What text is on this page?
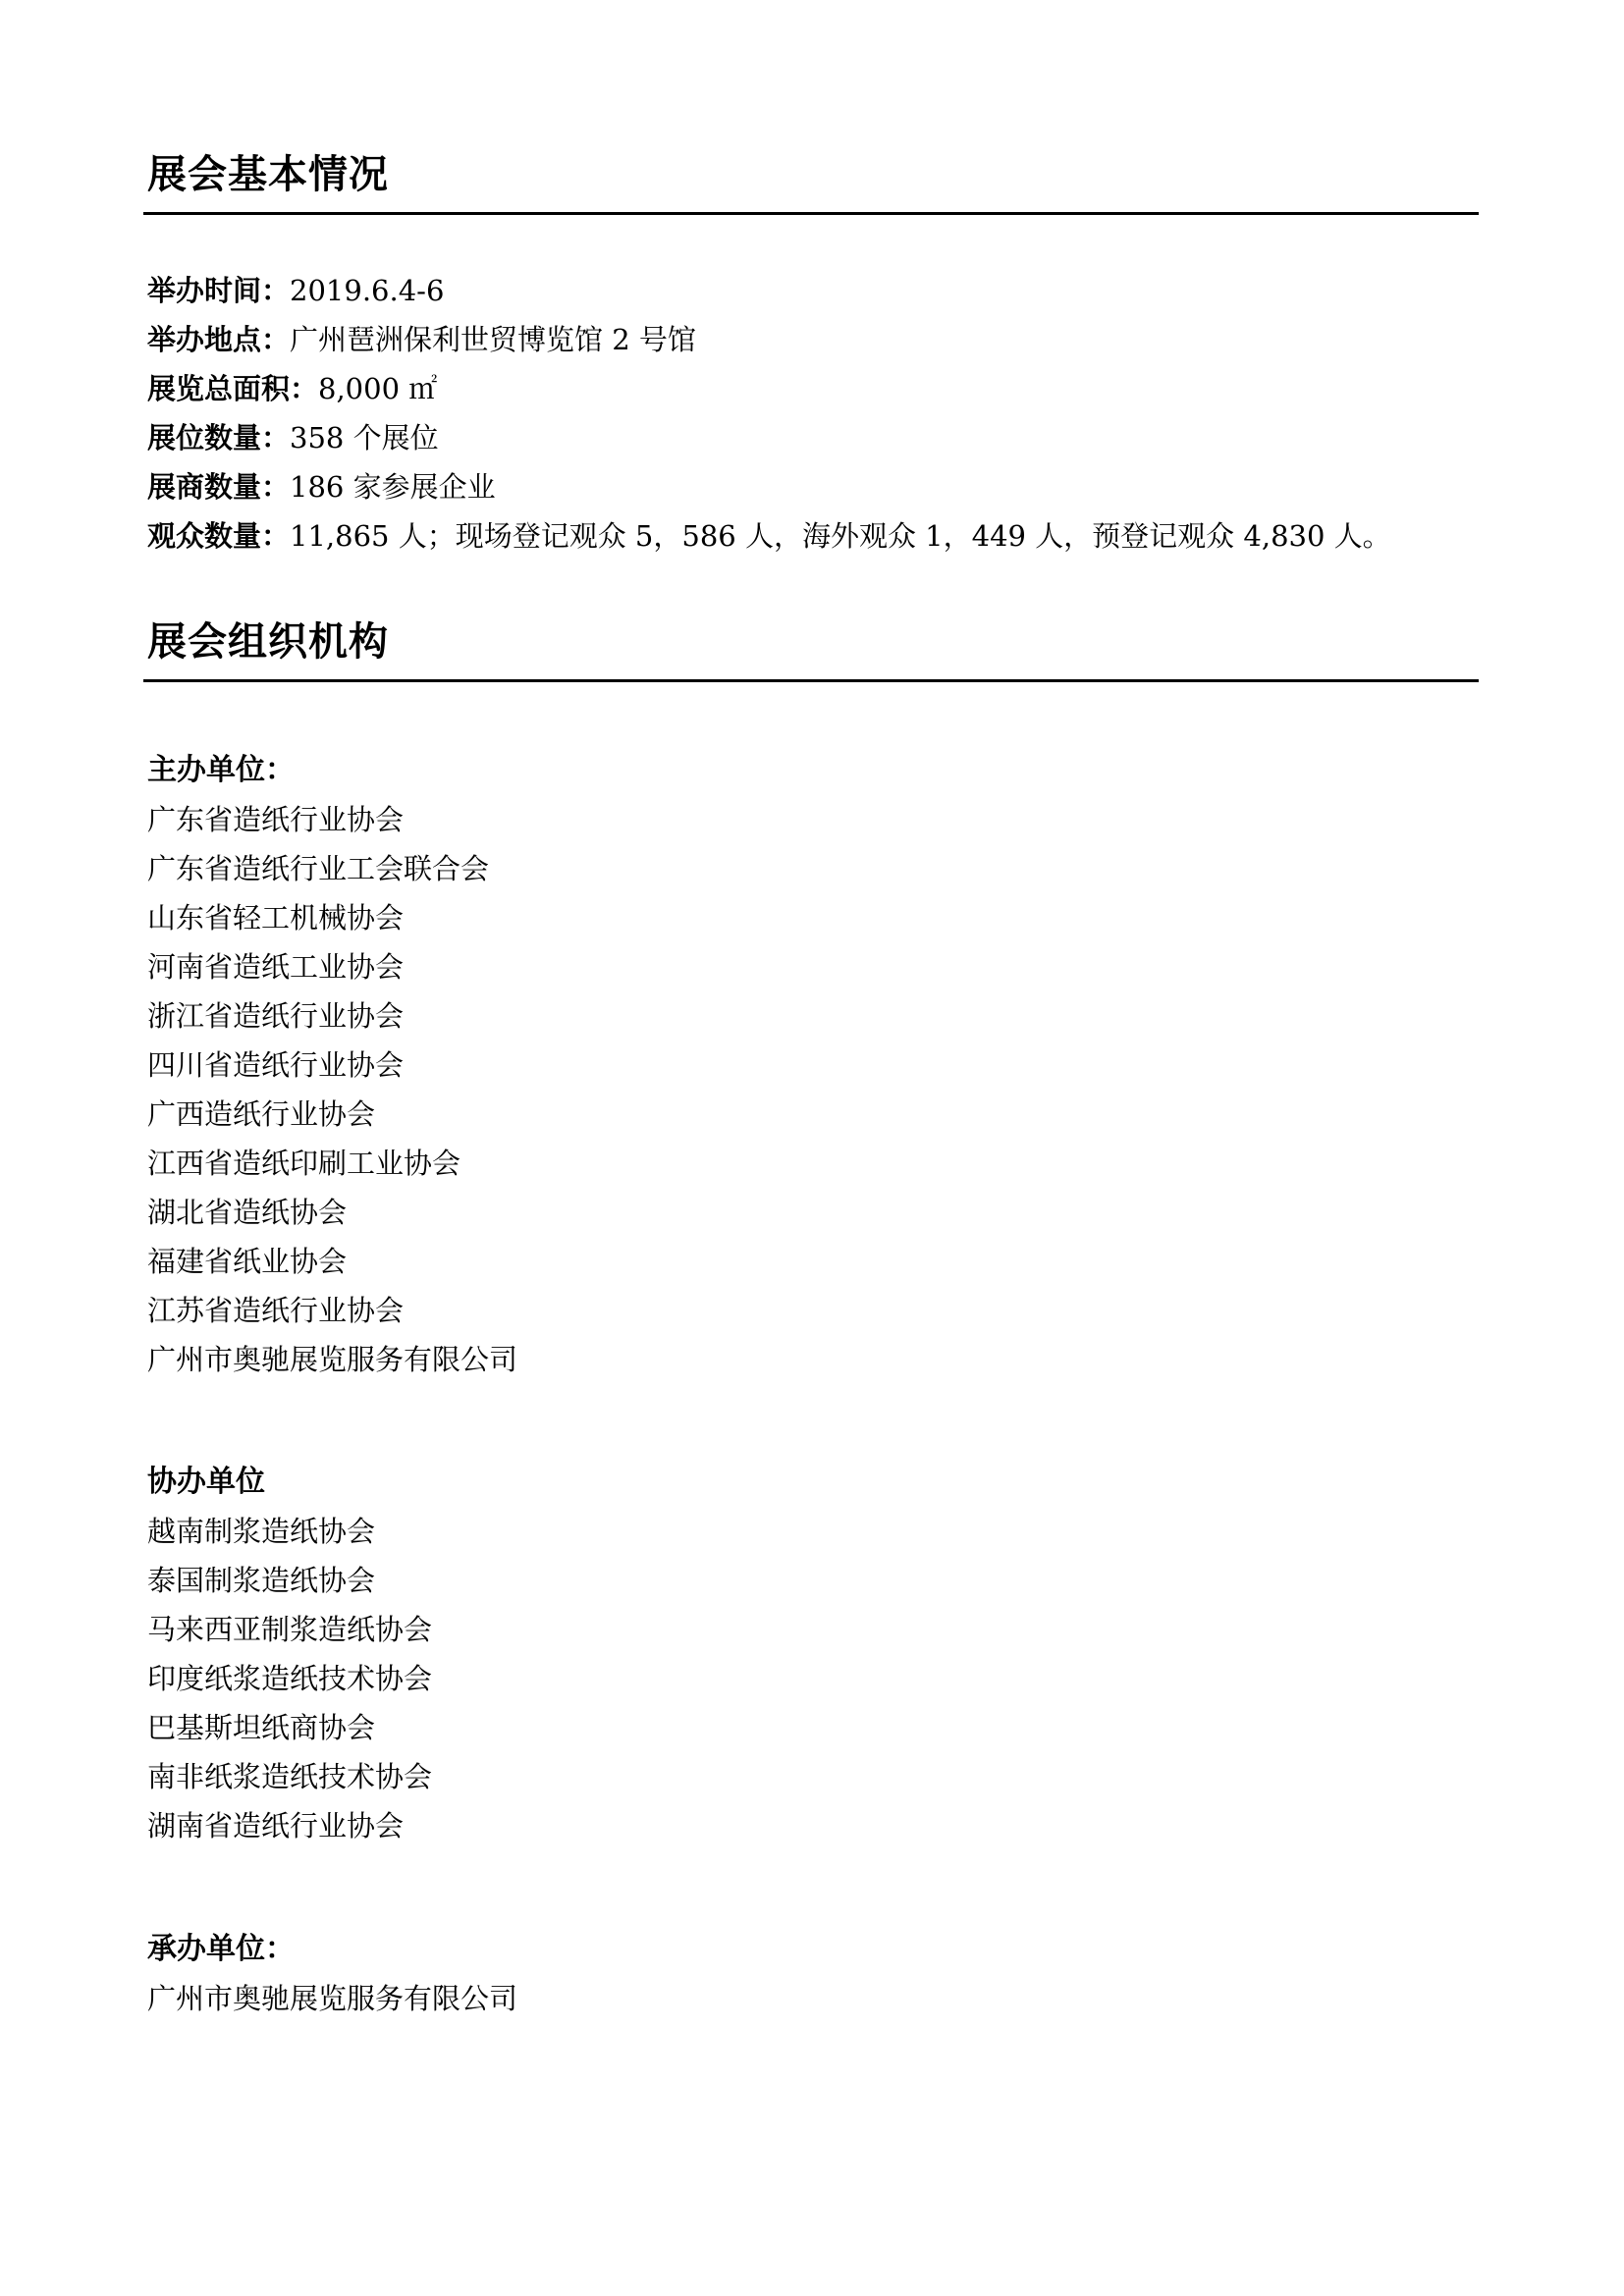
展会基本情况
举办时间：2019.6.4-6
举办地点：广州琶洲保利世贸博览馆 2 号馆
展览总面积：8,000 ㎡
展位数量：358 个展位
展商数量：186 家参展企业
观众数量：11,865 人；现场登记观众 5，586 人，海外观众 1，449 人，预登记观众 4,830 人。
展会组织机构
主办单位：
广东省造纸行业协会
广东省造纸行业工会联合会
山东省轻工机械协会
河南省造纸工业协会
浙江省造纸行业协会
四川省造纸行业协会
广西造纸行业协会
江西省造纸印刷工业协会
湖北省造纸协会
福建省纸业协会
江苏省造纸行业协会
广州市奥驰展览服务有限公司
协办单位
越南制浆造纸协会
泰国制浆造纸协会
马来西亚制浆造纸协会
印度纸浆造纸技术协会
巴基斯坦纸商协会
南非纸浆造纸技术协会
湖南省造纸行业协会
承办单位：
广州市奥驰展览服务有限公司
